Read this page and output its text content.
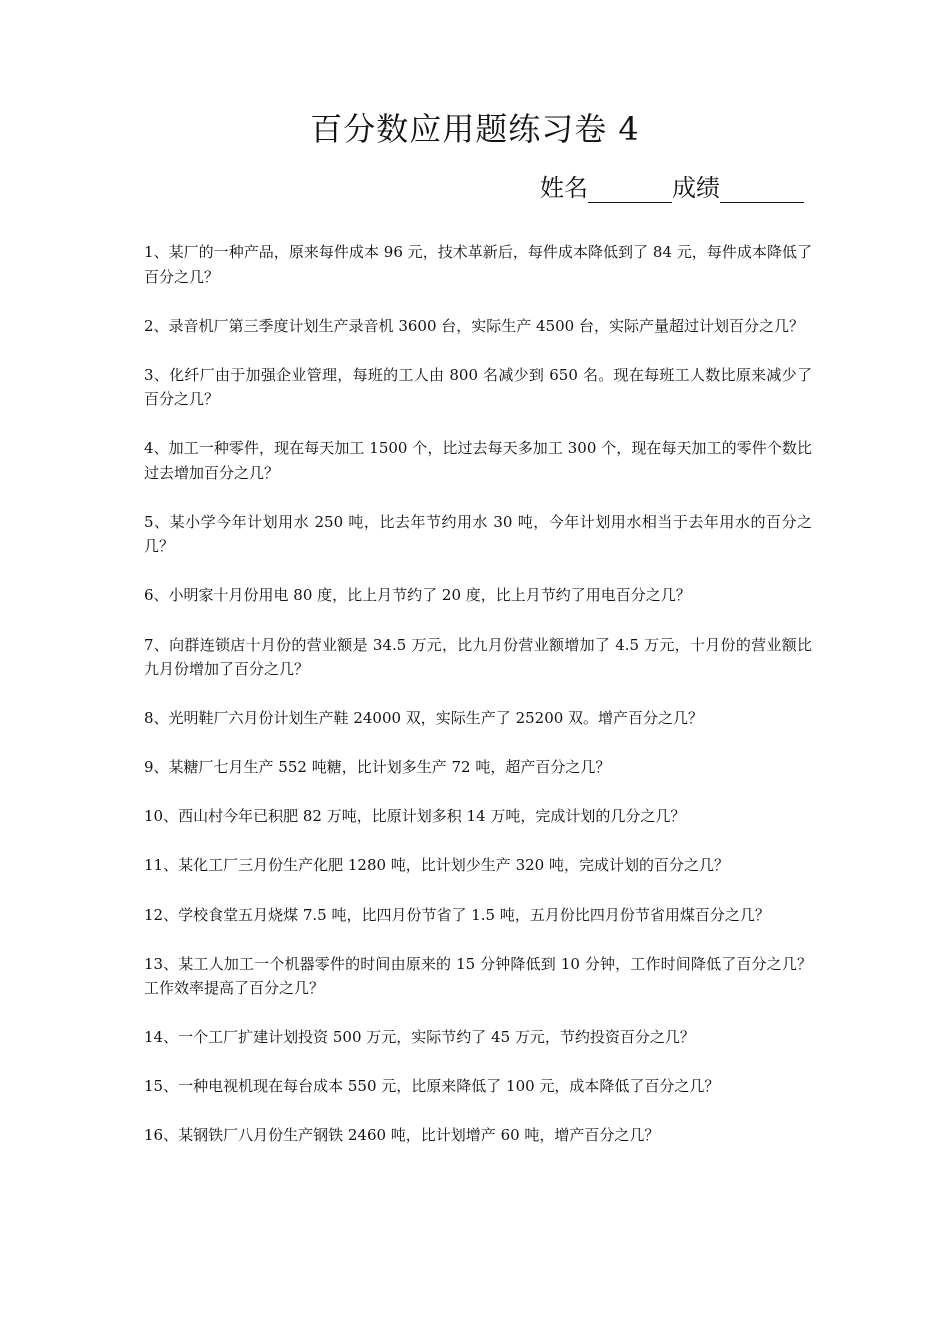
百分数应用题练习卷 4
姓名	成绩

1、某厂的一种产品，原来每件成本 96 元，技术革新后，每件成本降低到了 84 元，每件成本降低了百分之几？

2、录音机厂第三季度计划生产录音机 3600 台，实际生产 4500 台，实际产量超过计划百分之几？

3、化纤厂由于加强企业管理，每班的工人由 800 名减少到 650 名。现在每班工人数比原来减少了百分之几？

4、加工一种零件，现在每天加工 1500 个，比过去每天多加工 300 个，现在每天加工的零件个数比过去增加百分之几？

5、某小学今年计划用水 250 吨，比去年节约用水 30 吨，今年计划用水相当于去年用水的百分之几？

6、小明家十月份用电 80 度，比上月节约了 20 度，比上月节约了用电百分之几？

7、向群连锁店十月份的营业额是 34.5 万元，比九月份营业额增加了 4.5 万元，十月份的营业额比九月份增加了百分之几？

8、光明鞋厂六月份计划生产鞋 24000 双，实际生产了 25200 双。增产百分之几？

9、某糖厂七月生产 552 吨糖，比计划多生产 72 吨，超产百分之几？

10、西山村今年已积肥 82 万吨，比原计划多积 14 万吨，完成计划的几分之几？

11、某化工厂三月份生产化肥 1280 吨，比计划少生产 320 吨，完成计划的百分之几？

12、学校食堂五月烧煤 7.5 吨，比四月份节省了 1.5 吨，五月份比四月份节省用煤百分之几？

13、某工人加工一个机器零件的时间由原来的 15 分钟降低到 10 分钟，工作时间降低了百分之几？工作效率提高了百分之几？

14、一个工厂扩建计划投资 500 万元，实际节约了 45 万元，节约投资百分之几？

15、一种电视机现在每台成本 550 元，比原来降低了 100 元，成本降低了百分之几？

16、某钢铁厂八月份生产钢铁 2460 吨，比计划增产 60 吨，增产百分之几？
